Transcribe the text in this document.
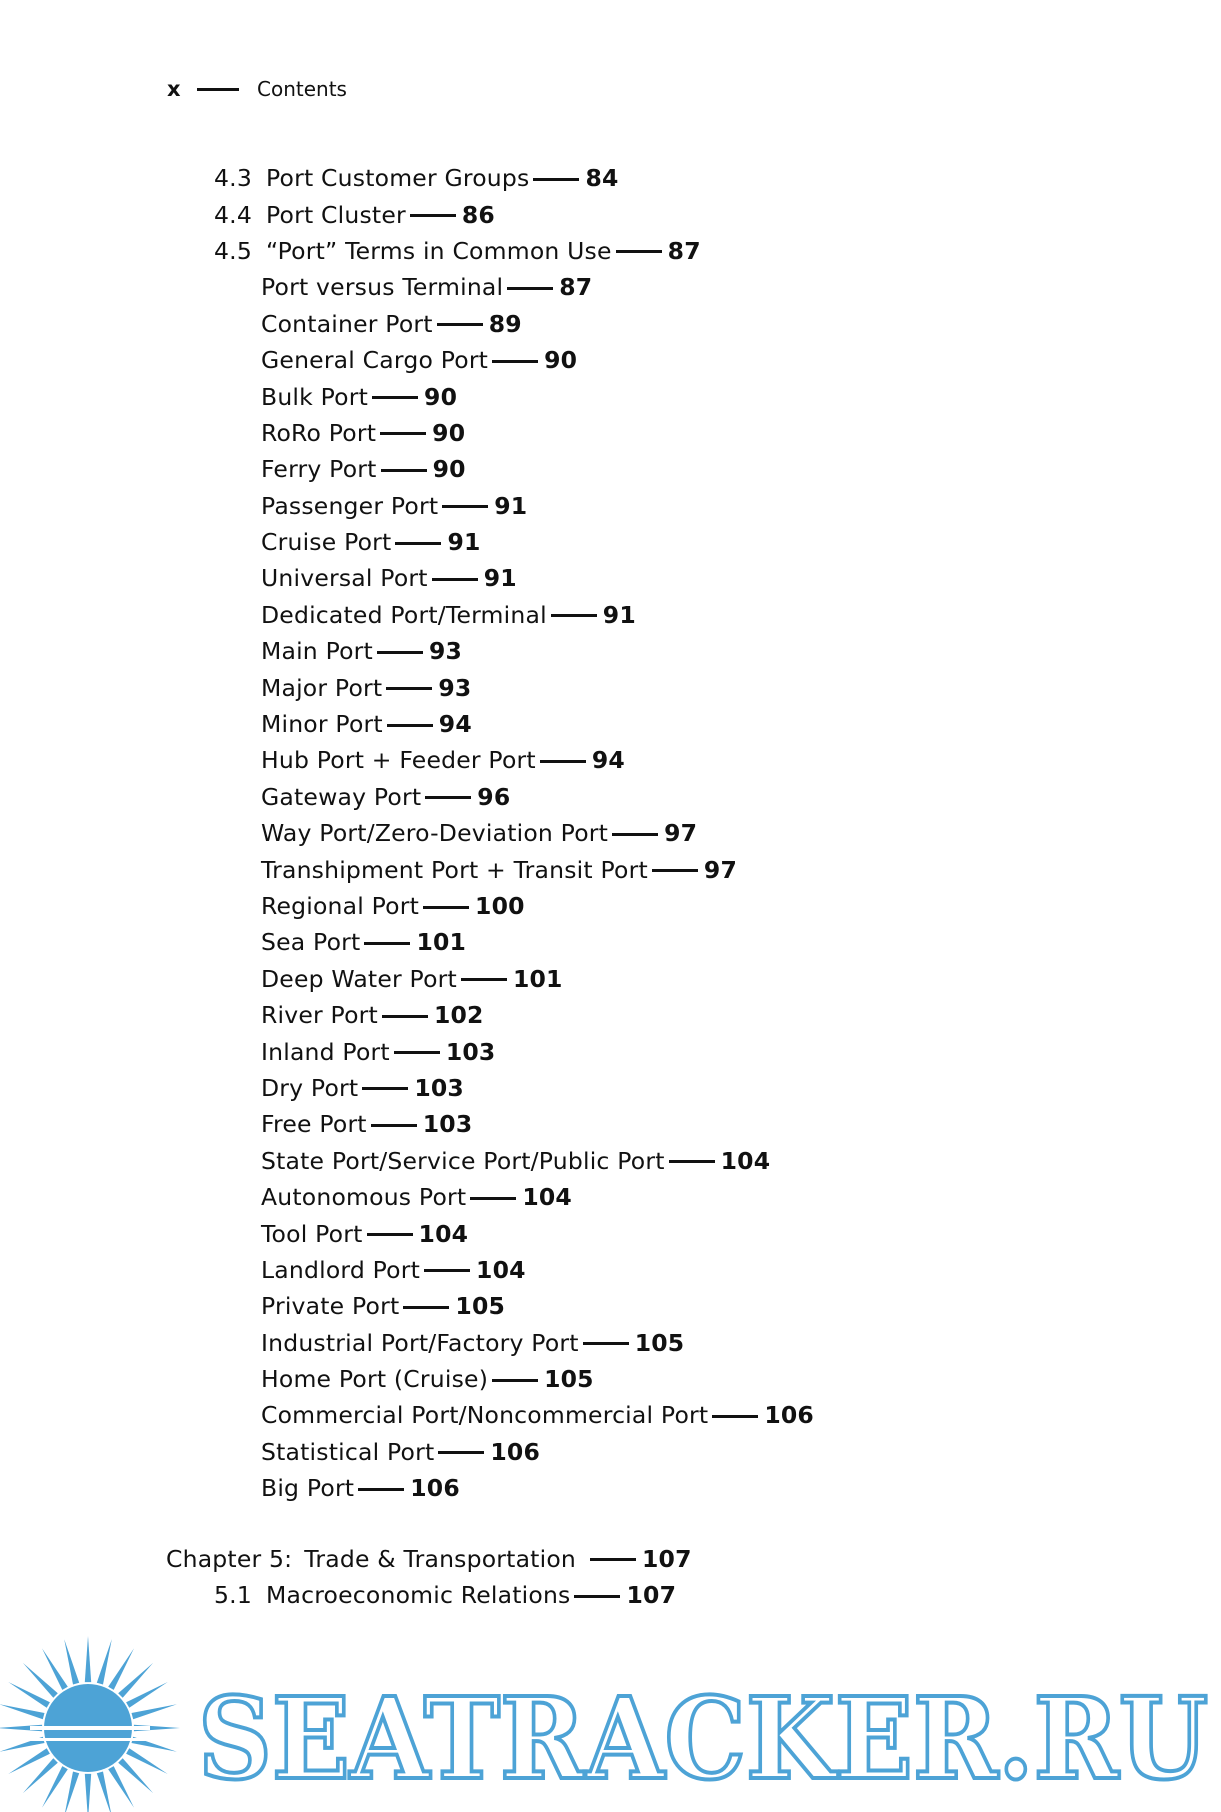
x	Contents
4.3 Port Customer Groups 84
4.4 Port Cluster 86
4.5 “Port” Terms in Common Use 87
Port versus Terminal 87
Container Port 89
General Cargo Port 90
Bulk Port 90
RoRo Port 90
Ferry Port 90
Passenger Port 91
Cruise Port 91
Universal Port 91
Dedicated Port/Terminal 91
Main Port 93
Major Port 93
Minor Port 94
Hub Port + Feeder Port 94
Gateway Port 96
Way Port/Zero-Deviation Port 97
Transhipment Port + Transit Port 97
Regional Port 100
Sea Port 101
Deep Water Port 101
River Port 102
Inland Port 103
Dry Port 103
Free Port 103
State Port/Service Port/Public Port 104
Autonomous Port 104
Tool Port 104
Landlord Port 104
Private Port 105
Industrial Port/Factory Port 105
Home Port (Cruise) 105
Commercial Port/Noncommercial Port 106
Statistical Port 106
Big Port 106
Chapter 5: Trade & Transportation	107
5.1 Macroeconomic Relations 107
SEATRACKER.RU
